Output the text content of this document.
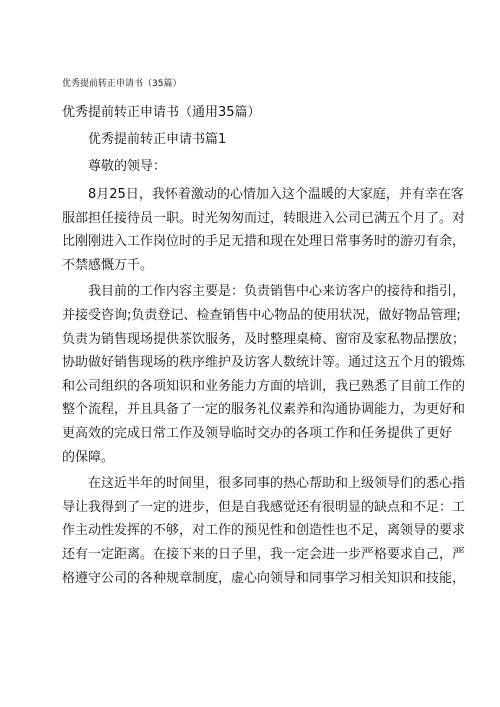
优秀提前转正申请书（35篇）
优秀提前转正申请书（通用35篇）
优秀提前转正申请书篇1
尊敬的领导：

8月25日，我怀着激动的心情加入这个温暖的大家庭，并有幸在客
服部担任接待员一职。时光匆匆而过，转眼进入公司已满五个月了。对
比刚刚进入工作岗位时的手足无措和现在处理日常事务时的游刃有余，
不禁感慨万千。

我目前的工作内容主要是：负责销售中心来访客户的接待和指引，
并接受咨询;负责登记、检查销售中心物品的使用状况，做好物品管理;
负责为销售现场提供茶饮服务，及时整理桌椅、窗帘及家私物品摆放；
协助做好销售现场的秩序维护及访客人数统计等。通过这五个月的锻炼
和公司组织的各项知识和业务能力方面的培训，我已熟悉了目前工作的
整个流程，并且具备了一定的服务礼仪素养和沟通协调能力，为更好和
更高效的完成日常工作及领导临时交办的各项工作和任务提供了更好
的保障。

在这近半年的时间里，很多同事的热心帮助和上级领导们的悉心指
导让我得到了一定的进步，但是自我感觉还有很明显的缺点和不足：工
作主动性发挥的不够，对工作的预见性和创造性也不足，离领导的要求
还有一定距离。在接下来的日子里，我一定会进一步严格要求自己，严
格遵守公司的各种规章制度，虚心向领导和同事学习相关知识和技能，
